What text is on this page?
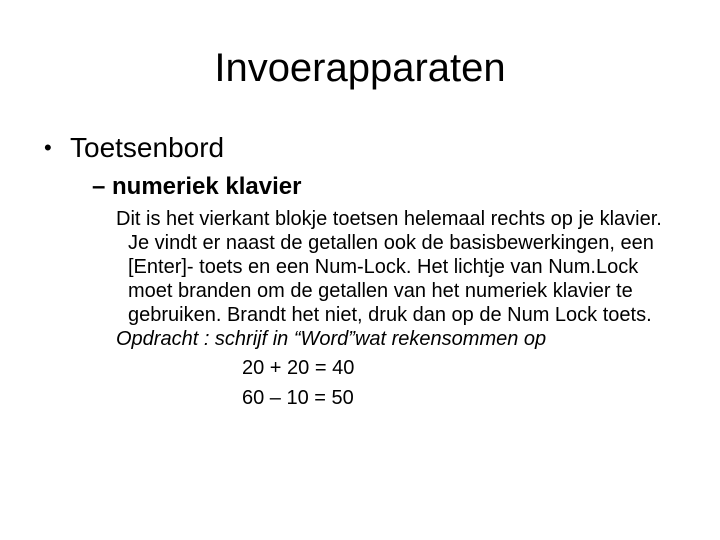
Invoerapparaten
• Toetsenbord
– numeriek klavier

Dit is het vierkant blokje toetsen helemaal rechts op je klavier. Je vindt er naast de getallen ook de basisbewerkingen, een [Enter]- toets en een Num-Lock. Het lichtje van Num.Lock moet branden om de getallen van het numeriek klavier te gebruiken. Brandt het niet, druk dan op de Num Lock toets.

Opdracht : schrijf in “Word”wat rekensommen op

20 + 20 = 40
60 – 10 = 50
